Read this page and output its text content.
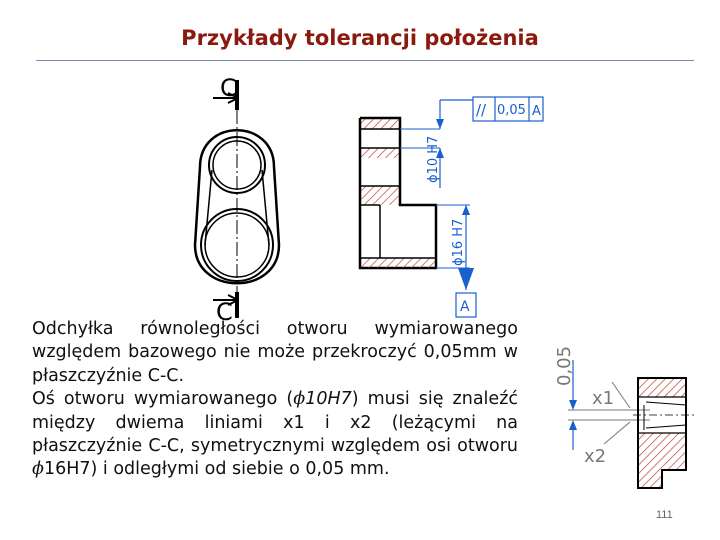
Przykłady tolerancji położenia
C
C
ϕ10 H7
ϕ16 H7
// 0,05 A
A
0,05
x1
x2

Odchyłka równoległości otworu wymiarowanego względem bazowego nie może przekroczyć 0,05mm w płaszczyźnie C-C.

Oś otworu wymiarowanego (ϕ10H7) musi się znaleźć między dwiema liniami x1 i x2 (leżącymi na płaszczyźnie C-C, symetrycznymi względem osi otworu ϕ16H7) i odległymi od siebie o 0,05 mm.

111
